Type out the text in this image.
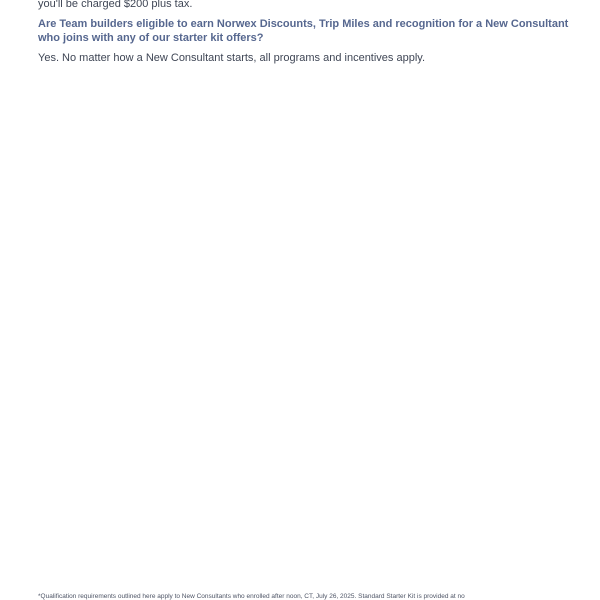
you'll be charged $200 plus tax.

Are Team builders eligible to earn Norwex Discounts, Trip Miles and recognition for a New Consultant who joins with any of our starter kit offers?

Yes. No matter how a New Consultant starts, all programs and incentives apply.

*Qualification requirements outlined here apply to New Consultants who enrolled after noon, CT, July 26, 2025. Standard Starter Kit is provided at no
